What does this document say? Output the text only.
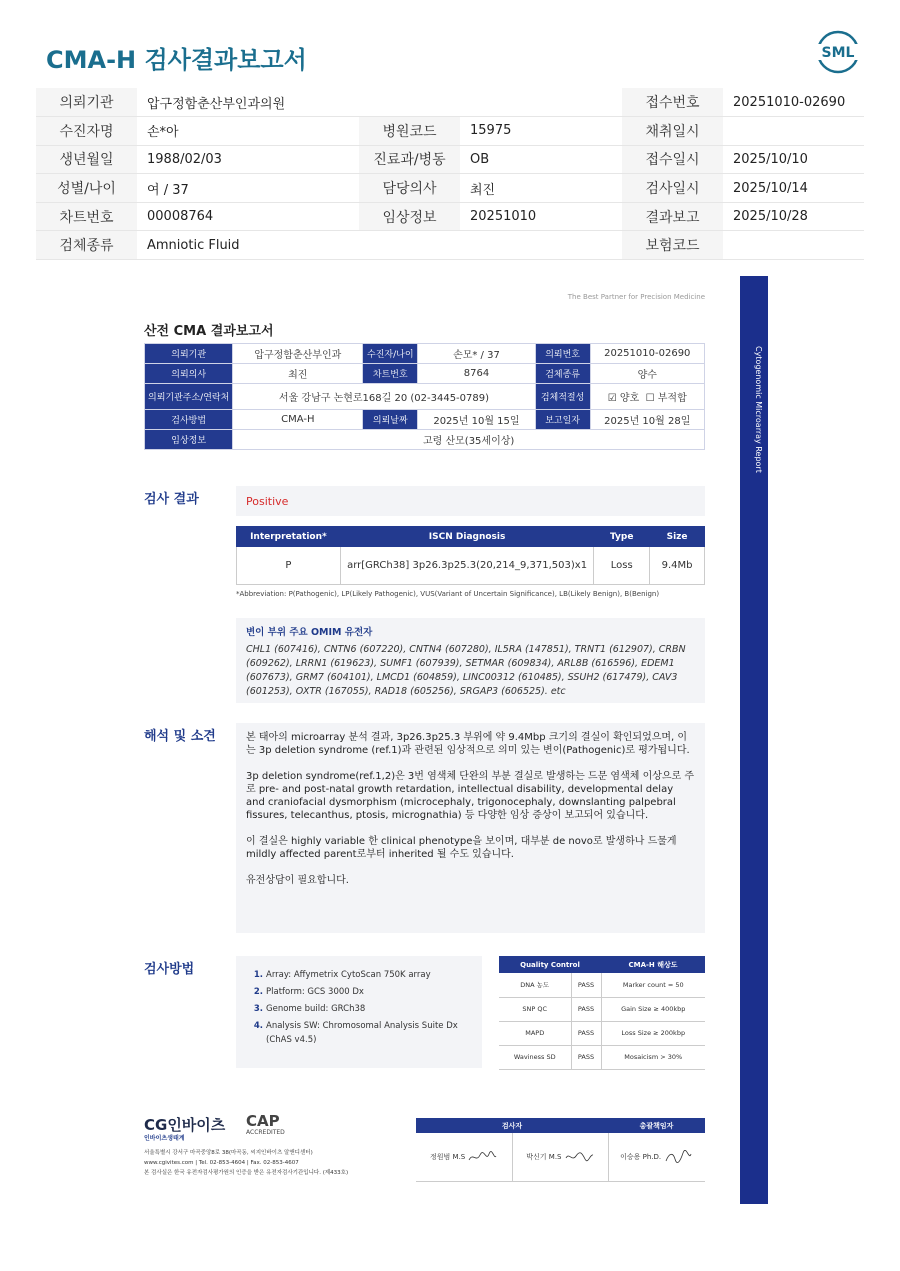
CMA-H 검사결과보고서	SML
의뢰기관	압구정함춘산부인과의원			접수번호	20251010-02690
수진자명	손*아	병원코드	15975	채취일시	
생년월일	1988/02/03	진료과/병동	OB	접수일시	2025/10/10
성별/나이	여 / 37	담당의사	최진	검사일시	2025/10/14
차트번호	00008764	임상정보	20251010	결과보고	2025/10/28
검체종류	Amniotic Fluid			보험코드	
The Best Partner for Precision Medicine
산전 CMA 결과보고서
의뢰기관	압구정함춘산부인과	수진자/나이	손모* / 37	의뢰번호	20251010-02690
의뢰의사	최진	차트번호	8764	검체종류	양수
의뢰기관주소/연락처	서울 강남구 논현로168길 20 (02-3445-0789)			검체적절성	☑ 양호 ☐ 부적합
검사방법	CMA-H	의뢰날짜	2025년 10월 15일	보고일자	2025년 10월 28일
임상정보	고령 산모(35세이상)				
검사 결과	Positive
Interpretation*	ISCN Diagnosis	Type	Size
P	arr[GRCh38] 3p26.3p25.3(20,214_9,371,503)x1	Loss	9.4Mb
*Abbreviation: P(Pathogenic), LP(Likely Pathogenic), VUS(Variant of Uncertain Significance), LB(Likely Benign), B(Benign)
변이 부위 주요 OMIM 유전자
CHL1 (607416), CNTN6 (607220), CNTN4 (607280), IL5RA (147851), TRNT1 (612907), CRBN (609262), LRRN1 (619623), SUMF1 (607939), SETMAR (609834), ARL8B (616596), EDEM1 (607673), GRM7 (604101), LMCD1 (604859), LINC00312 (610485), SSUH2 (617479), CAV3 (601253), OXTR (167055), RAD18 (605256), SRGAP3 (606525). etc
해석 및 소견	본 태아의 microarray 분석 결과, 3p26.3p25.3 부위에 약 9.4Mbp 크기의 결실이 확인되었으며, 이는 3p deletion syndrome (ref.1)과 관련된 임상적으로 의미 있는 변이(Pathogenic)로 평가됩니다.

3p deletion syndrome(ref.1,2)은 3번 염색체 단완의 부분 결실로 발생하는 드문 염색체 이상으로 주로 pre- and post-natal growth retardation, intellectual disability, developmental delay and craniofacial dysmorphism (microcephaly, trigonocephaly, downslanting palpebral fissures, telecanthus, ptosis, micrognathia) 등 다양한 임상 증상이 보고되어 있습니다.

이 결실은 highly variable 한 clinical phenotype을 보이며, 대부분 de novo로 발생하나 드물게 mildly affected parent로부터 inherited 될 수도 있습니다.

유전상담이 필요합니다.

검사방법	1. Array: Affymetrix CytoScan 750K array
2. Platform: GCS 3000 Dx
3. Genome build: GRCh38
4. Analysis SW: Chromosomal Analysis Suite Dx (ChAS v4.5)
Quality Control		CMA-H 해상도
DNA 농도	PASS	Marker count = 50
SNP QC	PASS	Gain Size ≥ 400kbp
MAPD	PASS	Loss Size ≥ 200kbp
Waviness SD	PASS	Mosaicism > 30%
CG인바이츠
인바이츠생태계
CAP
ACCREDITED
서울특별시 강서구 마곡중앙8로 38(마곡동, 씨지인바이츠 알앤디센터)
www.cgivites.com | Tel. 02-853-4604 | Fax. 02-853-4607
본 검사실은 한국 유전자검사평가원의 인증을 받은 유전자검사기관입니다. (제433호)
검사자		총괄책임자
정원범 M.S	박신기 M.S	이승용 Ph.D.
Cytogenomic Microarray Report
